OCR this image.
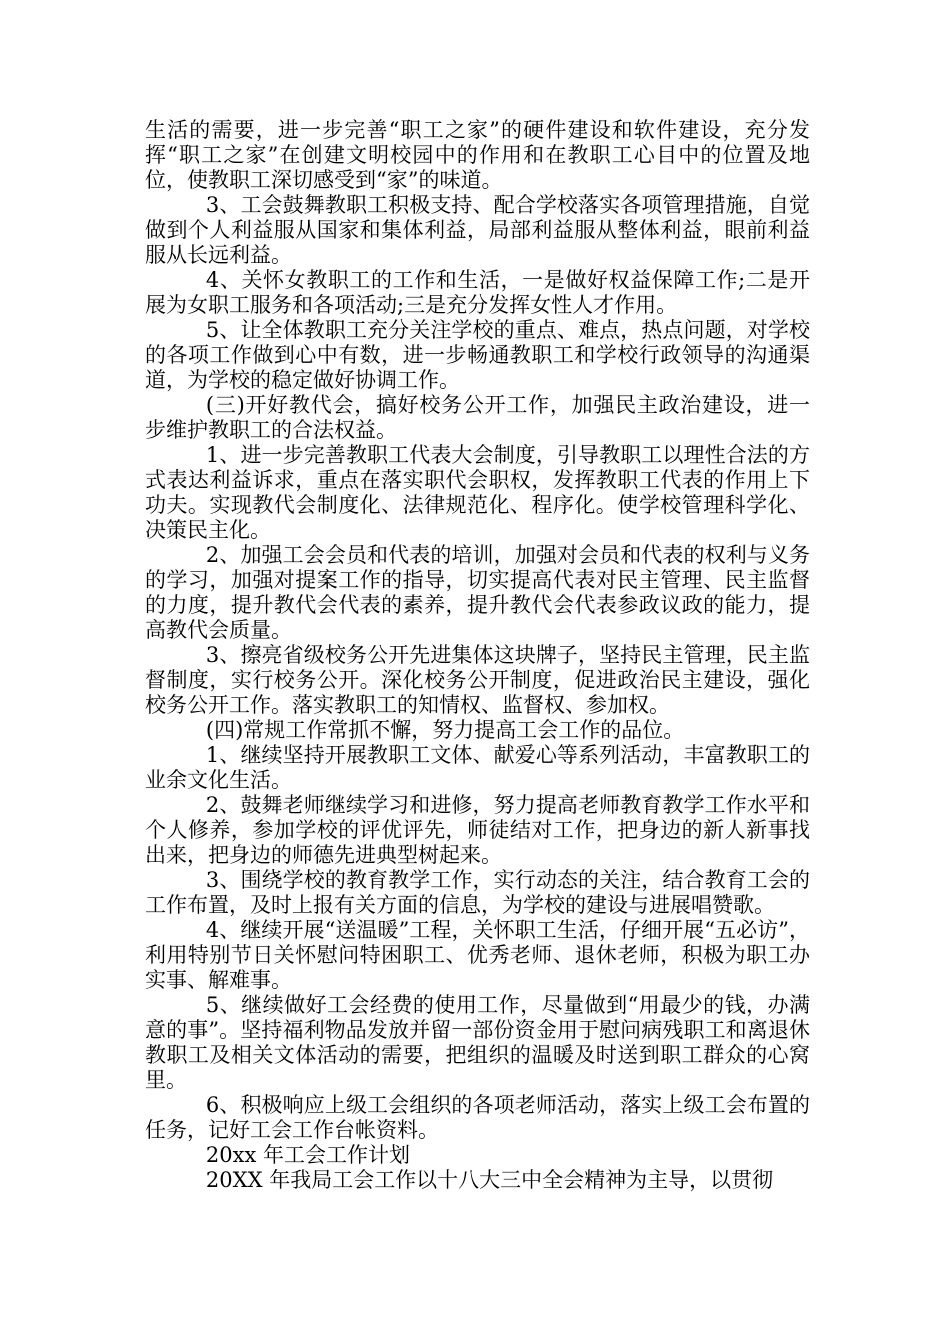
生活的需要，进一步完善“职工之家”的硬件建设和软件建设，充分发挥“职工之家”在创建文明校园中的作用和在教职工心目中的位置及地位，使教职工深切感受到“家”的味道。

3、工会鼓舞教职工积极支持、配合学校落实各项管理措施，自觉做到个人利益服从国家和集体利益，局部利益服从整体利益，眼前利益服从长远利益。

4、关怀女教职工的工作和生活，一是做好权益保障工作;二是开展为女职工服务和各项活动;三是充分发挥女性人才作用。

5、让全体教职工充分关注学校的重点、难点，热点问题，对学校的各项工作做到心中有数，进一步畅通教职工和学校行政领导的沟通渠道，为学校的稳定做好协调工作。

(三)开好教代会，搞好校务公开工作，加强民主政治建设，进一步维护教职工的合法权益。

1、进一步完善教职工代表大会制度，引导教职工以理性合法的方式表达利益诉求，重点在落实职代会职权，发挥教职工代表的作用上下功夫。实现教代会制度化、法律规范化、程序化。使学校管理科学化、决策民主化。

2、加强工会会员和代表的培训，加强对会员和代表的权利与义务的学习，加强对提案工作的指导，切实提高代表对民主管理、民主监督的力度，提升教代会代表的素养，提升教代会代表参政议政的能力，提高教代会质量。

3、擦亮省级校务公开先进集体这块牌子，坚持民主管理，民主监督制度，实行校务公开。深化校务公开制度，促进政治民主建设，强化校务公开工作。落实教职工的知情权、监督权、参加权。

(四)常规工作常抓不懈，努力提高工会工作的品位。

1、继续坚持开展教职工文体、献爱心等系列活动，丰富教职工的业余文化生活。

2、鼓舞老师继续学习和进修，努力提高老师教育教学工作水平和个人修养，参加学校的评优评先，师徒结对工作，把身边的新人新事找出来，把身边的师德先进典型树起来。

3、围绕学校的教育教学工作，实行动态的关注，结合教育工会的工作布置，及时上报有关方面的信息，为学校的建设与进展唱赞歌。

4、继续开展“送温暖”工程，关怀职工生活，仔细开展“五必访”，利用特别节日关怀慰问特困职工、优秀老师、退休老师，积极为职工办实事、解难事。

5、继续做好工会经费的使用工作，尽量做到“用最少的钱，办满意的事”。坚持福利物品发放并留一部份资金用于慰问病残职工和离退休教职工及相关文体活动的需要，把组织的温暖及时送到职工群众的心窝里。

6、积极响应上级工会组织的各项老师活动，落实上级工会布置的任务，记好工会工作台帐资料。

20xx 年工会工作计划

20XX 年我局工会工作以十八大三中全会精神为主导，以贯彻
